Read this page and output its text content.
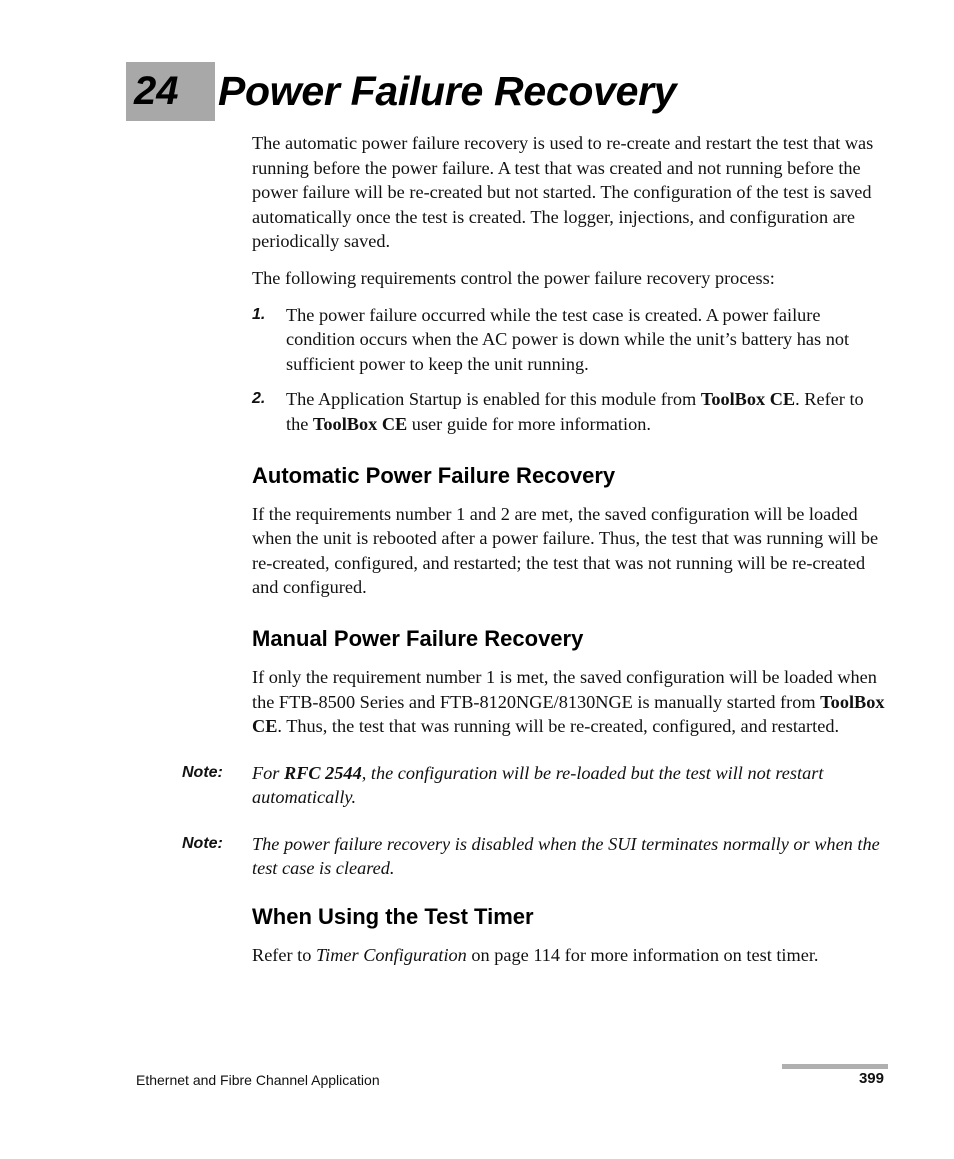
24 Power Failure Recovery

The automatic power failure recovery is used to re-create and restart the test that was running before the power failure. A test that was created and not running before the power failure will be re-created but not started. The configuration of the test is saved automatically once the test is created. The logger, injections, and configuration are periodically saved.

The following requirements control the power failure recovery process:

1. The power failure occurred while the test case is created. A power failure condition occurs when the AC power is down while the unit’s battery has not sufficient power to keep the unit running.
2. The Application Startup is enabled for this module from ToolBox CE. Refer to the ToolBox CE user guide for more information.
Automatic Power Failure Recovery

If the requirements number 1 and 2 are met, the saved configuration will be loaded when the unit is rebooted after a power failure. Thus, the test that was running will be re-created, configured, and restarted; the test that was not running will be re-created and configured.

Manual Power Failure Recovery

If only the requirement number 1 is met, the saved configuration will be loaded when the FTB-8500 Series and FTB-8120NGE/8130NGE is manually started from ToolBox CE. Thus, the test that was running will be re-created, configured, and restarted.

Note:	For RFC 2544, the configuration will be re-loaded but the test will not restart automatically.
Note:	The power failure recovery is disabled when the SUI terminates normally or when the test case is cleared.
When Using the Test Timer

Refer to Timer Configuration on page 114 for more information on test timer.

Ethernet and Fibre Channel Application	399
